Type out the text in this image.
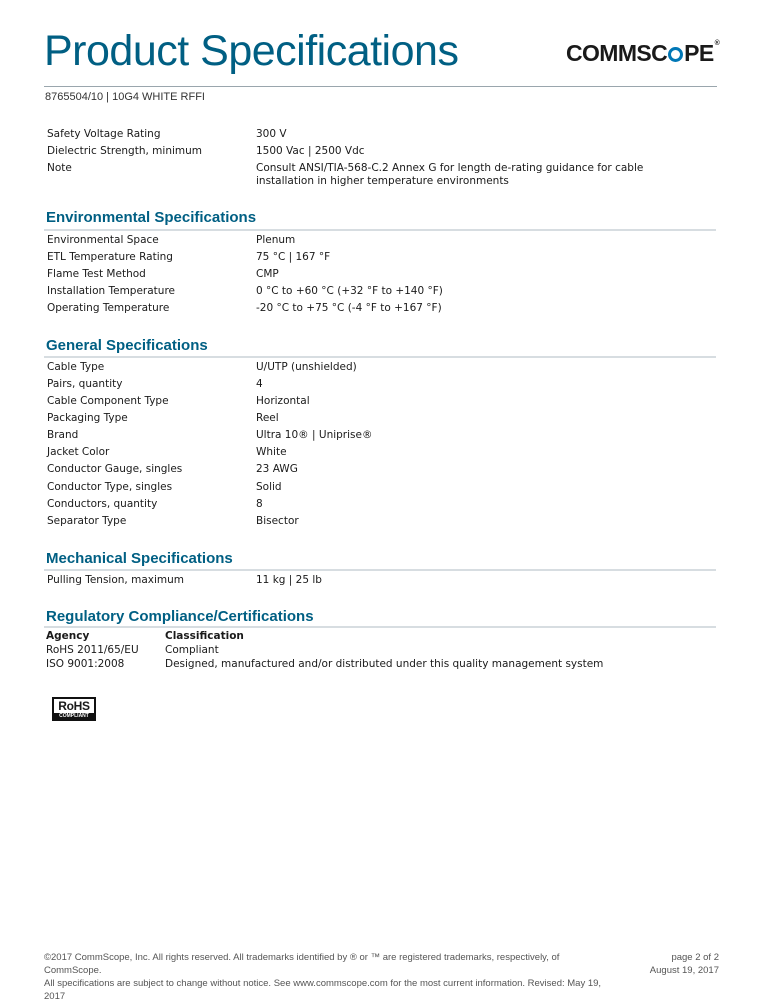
Product Specifications	COMMSC PE®
8765504/10 | 10G4 WHITE RFFI
Safety Voltage Rating	300 V
Dielectric Strength, minimum	1500 Vac | 2500 Vdc
Note	Consult ANSI/TIA-568-C.2 Annex G for length de-rating guidance for cable installation in higher temperature environments
Environmental Specifications
Environmental Space	Plenum
ETL Temperature Rating	75 °C | 167 °F
Flame Test Method	CMP
Installation Temperature	0 °C to +60 °C (+32 °F to +140 °F)
Operating Temperature	-20 °C to +75 °C (-4 °F to +167 °F)
General Specifications
Cable Type	U/UTP (unshielded)
Pairs, quantity	4
Cable Component Type	Horizontal
Packaging Type	Reel
Brand	Ultra 10® | Uniprise®
Jacket Color	White
Conductor Gauge, singles	23 AWG
Conductor Type, singles	Solid
Conductors, quantity	8
Separator Type	Bisector
Mechanical Specifications
Pulling Tension, maximum	11 kg | 25 lb
Regulatory Compliance/Certifications
Agency	Classification
RoHS 2011/65/EU	Compliant
ISO 9001:2008	Designed, manufactured and/or distributed under this quality management system
RoHS
COMPLIANT
©2017 CommScope, Inc. All rights reserved. All trademarks identified by ® or ™ are registered trademarks, respectively, of CommScope.
All specifications are subject to change without notice. See www.commscope.com for the most current information. Revised: May 19, 2017
page 2 of 2
August 19, 2017
